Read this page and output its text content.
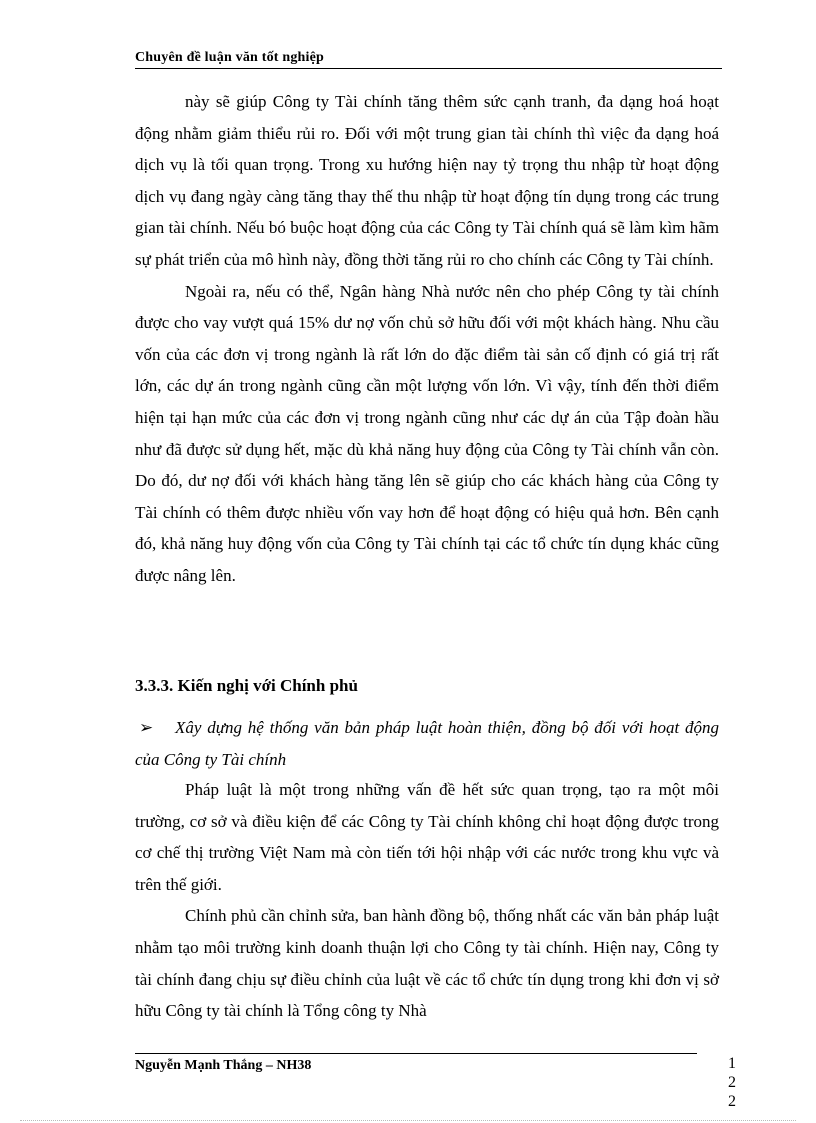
Chuyên đề luận văn tốt nghiệp

này sẽ giúp Công ty Tài chính tăng thêm sức cạnh tranh, đa dạng hoá hoạt động nhằm giảm thiểu rủi ro. Đối với một trung gian tài chính thì việc đa dạng hoá dịch vụ là tối quan trọng. Trong xu hướng hiện nay tỷ trọng thu nhập từ hoạt động dịch vụ đang ngày càng tăng thay thế thu nhập từ hoạt động tín dụng trong các trung gian tài chính. Nếu bó buộc hoạt động của các Công ty Tài chính quá sẽ làm kìm hãm sự phát triển của mô hình này, đồng thời tăng rủi ro cho chính các Công ty Tài chính.

Ngoài ra, nếu có thể, Ngân hàng Nhà nước nên cho phép Công ty tài chính được cho vay vượt quá 15% dư nợ vốn chủ sở hữu đối với một khách hàng. Nhu cầu vốn của các đơn vị trong ngành là rất lớn do đặc điểm tài sản cố định có giá trị rất lớn, các dự án trong ngành cũng cần một lượng vốn lớn. Vì vậy, tính đến thời điểm hiện tại hạn mức của các đơn vị trong ngành cũng như các dự án của Tập đoàn hầu như đã được sử dụng hết, mặc dù khả năng huy động của Công ty Tài chính vẫn còn. Do đó, dư nợ đối với khách hàng tăng lên sẽ giúp cho các khách hàng của Công ty Tài chính có thêm được nhiều vốn vay hơn để hoạt động có hiệu quả hơn. Bên cạnh đó, khả năng huy động vốn của Công ty Tài chính tại các tổ chức tín dụng khác cũng được nâng lên.

3.3.3. Kiến nghị với Chính phủ
➢ Xây dựng hệ thống văn bản pháp luật hoàn thiện, đồng bộ đối với hoạt động của Công ty Tài chính

Pháp luật là một trong những vấn đề hết sức quan trọng, tạo ra một môi trường, cơ sở và điều kiện để các Công ty Tài chính không chỉ hoạt động được trong cơ chế thị trường Việt Nam mà còn tiến tới hội nhập với các nước trong khu vực và trên thế giới.

Chính phủ cần chỉnh sửa, ban hành đồng bộ, thống nhất các văn bản pháp luật nhằm tạo môi trường kinh doanh thuận lợi cho Công ty tài chính. Hiện nay, Công ty tài chính đang chịu sự điều chỉnh của luật về các tổ chức tín dụng trong khi đơn vị sở hữu Công ty tài chính là Tổng công ty Nhà

Nguyễn Mạnh Thắng – NH38	1
2
2
